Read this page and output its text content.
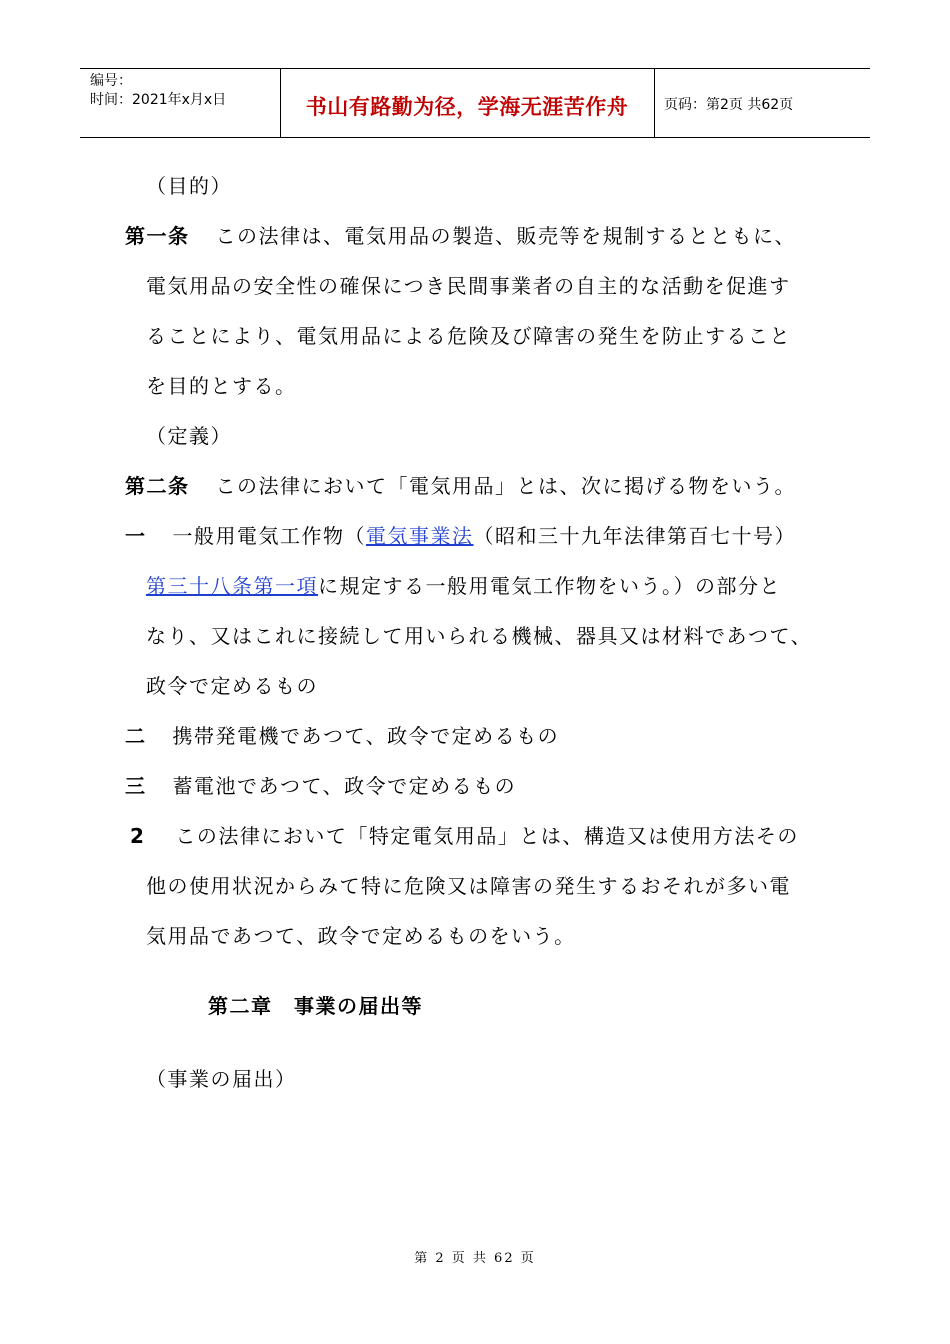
编号：
时间：2021年x月x日	书山有路勤为径，学海无涯苦作舟	页码：第2页 共62页
（目的）
第一条 この法律は、電気用品の製造、販売等を規制するとともに、
電気用品の安全性の確保につき民間事業者の自主的な活動を促進す
ることにより、電気用品による危険及び障害の発生を防止すること
を目的とする。
（定義）
第二条 この法律において「電気用品」とは、次に掲げる物をいう。
一 一般用電気工作物（電気事業法（昭和三十九年法律第百七十号）
第三十八条第一項に規定する一般用電気工作物をいう。）の部分と
なり、又はこれに接続して用いられる機械、器具又は材料であつて、
政令で定めるもの
二 携帯発電機であつて、政令で定めるもの
三 蓄電池であつて、政令で定めるもの
2 この法律において「特定電気用品」とは、構造又は使用方法その
他の使用状況からみて特に危険又は障害の発生するおそれが多い電
気用品であつて、政令で定めるものをいう。
第二章　事業の届出等
（事業の届出）
第 2 页 共 62 页
